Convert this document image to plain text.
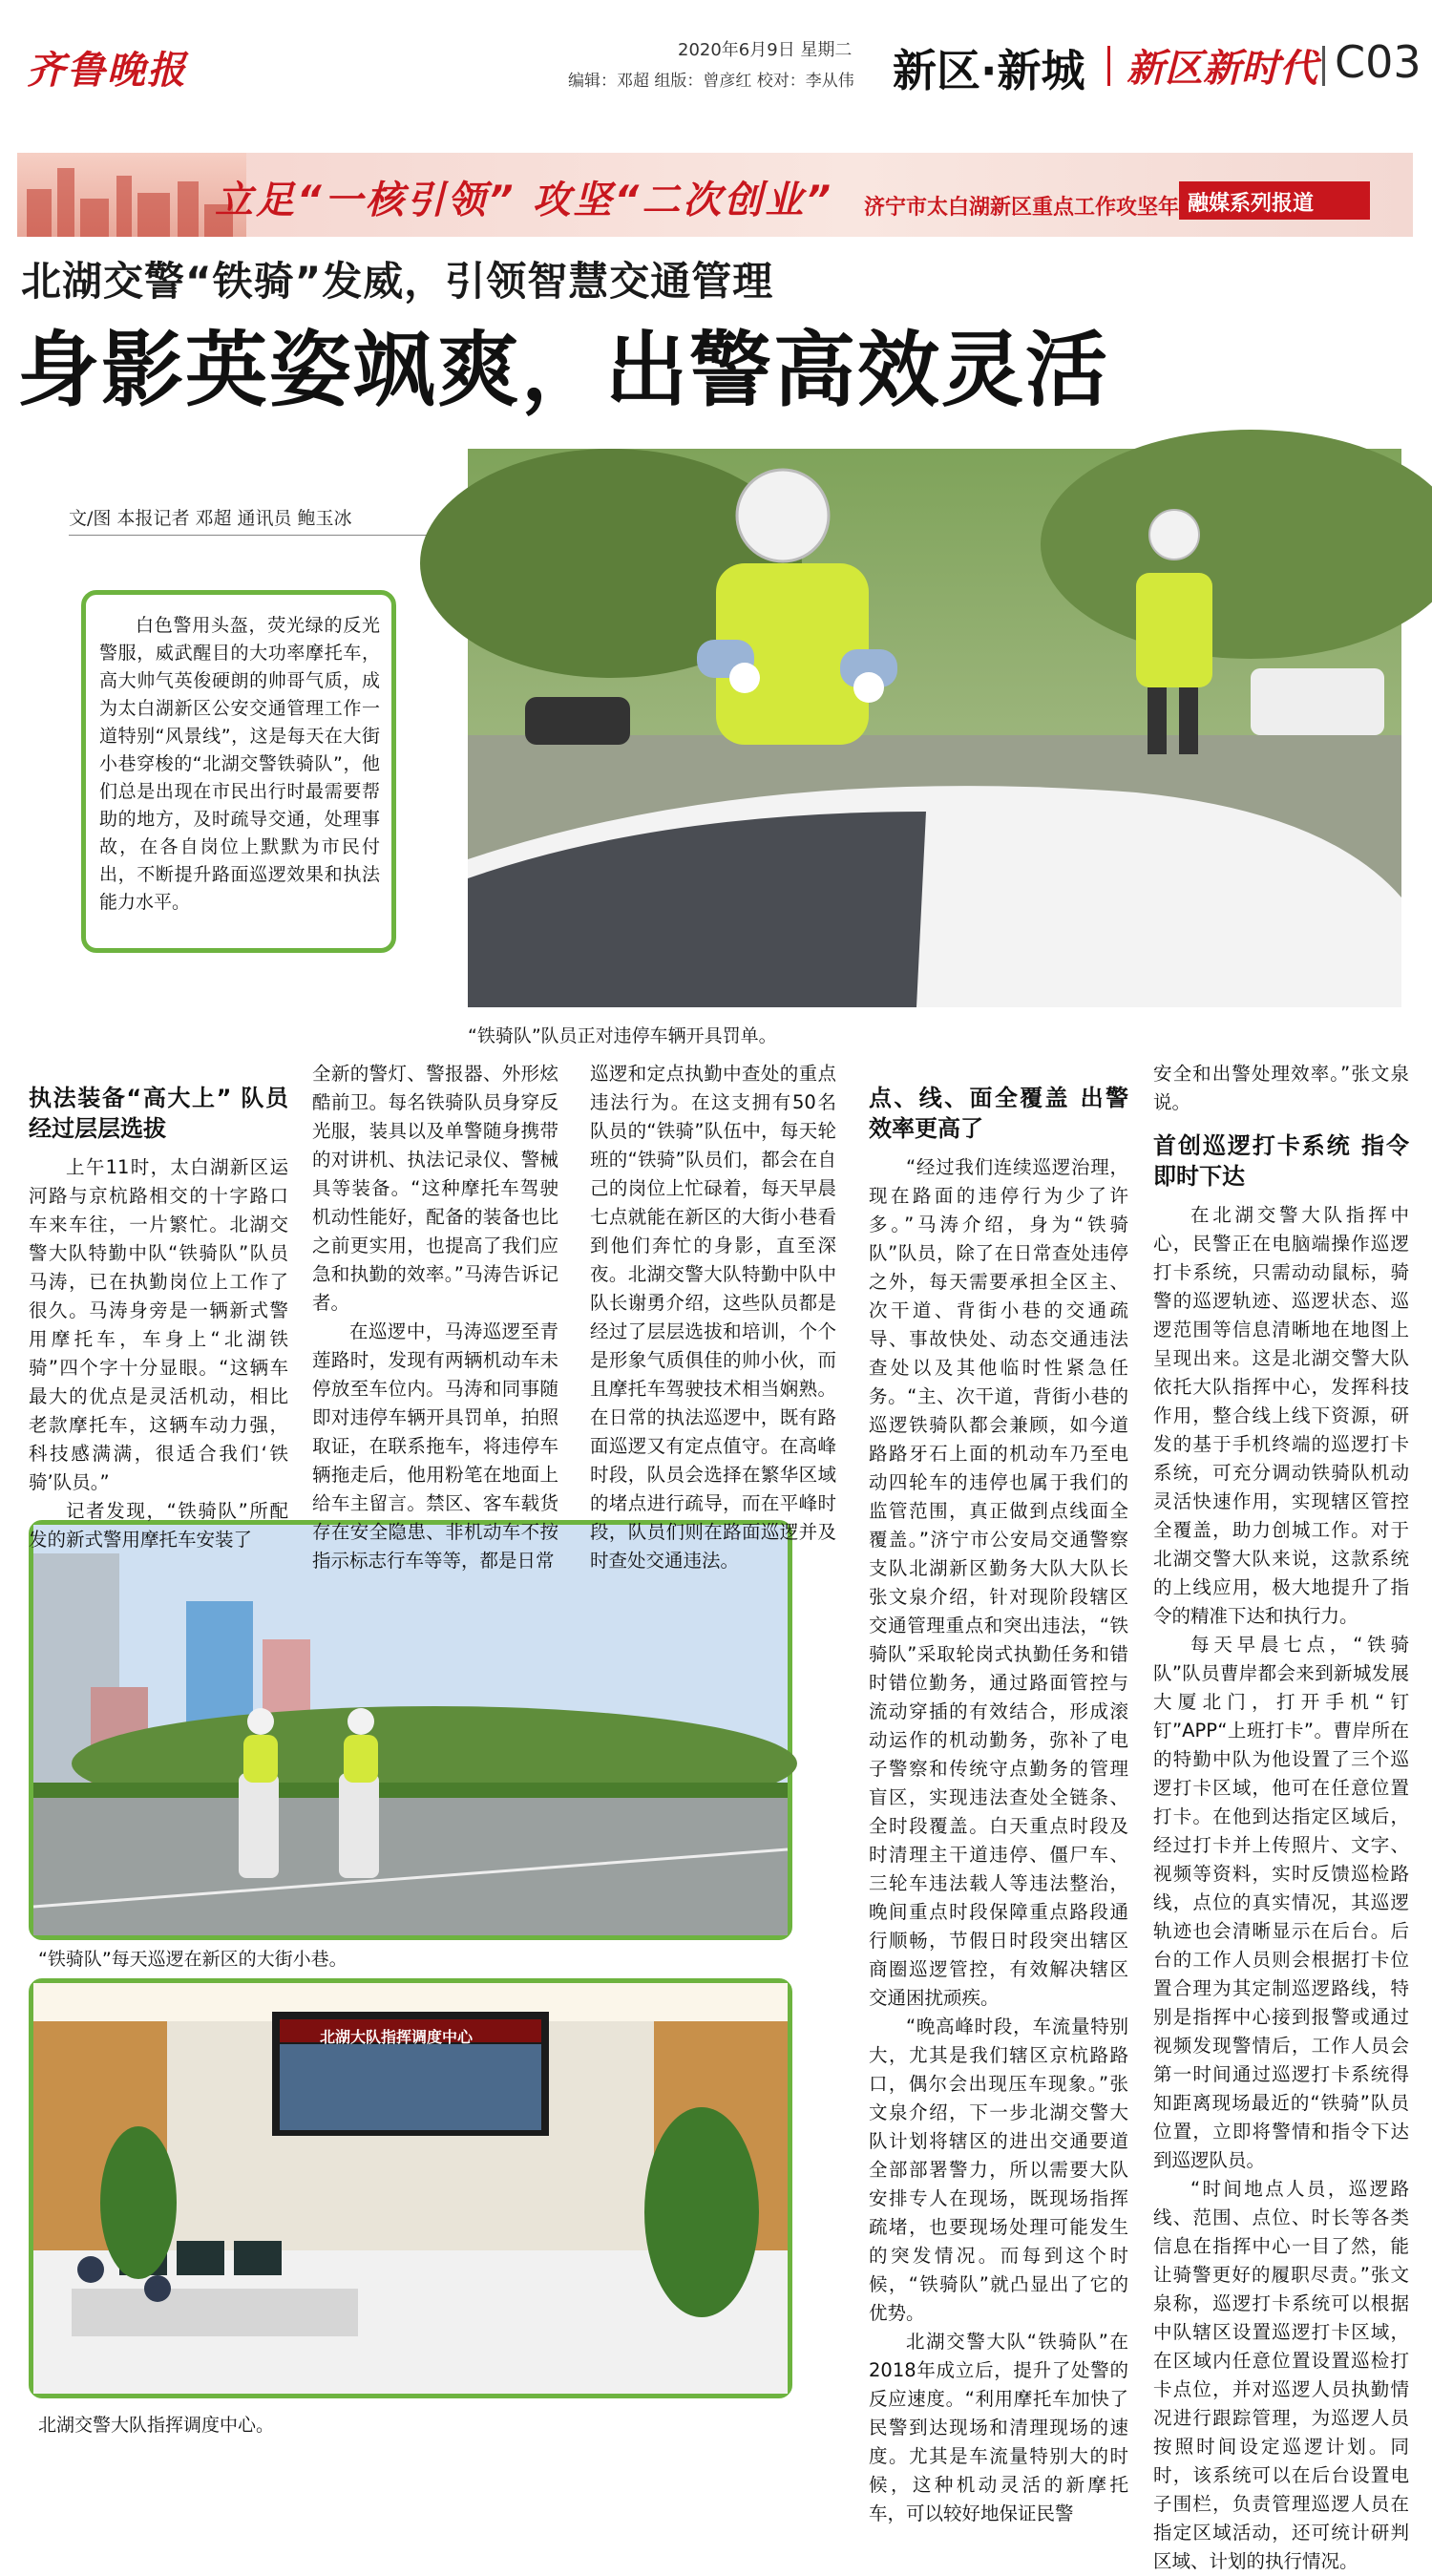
齐鲁晚报	2020年6月9日 星期二
编辑：邓超 组版：曾彦红 校对：李从伟 新区·新城 新区新时代 C03
立足“一核引领” 攻坚“二次创业” 济宁市太白湖新区重点工作攻坚年 融媒系列报道
北湖交警“铁骑”发威，引领智慧交通管理
身影英姿飒爽，出警高效灵活
文/图 本报记者 邓超 通讯员 鲍玉冰

白色警用头盔，荧光绿的反光警服，威武醒目的大功率摩托车，高大帅气英俊硬朗的帅哥气质，成为太白湖新区公安交通管理工作一道特别“风景线”，这是每天在大街小巷穿梭的“北湖交警铁骑队”，他们总是出现在市民出行时最需要帮助的地方，及时疏导交通，处理事故，在各自岗位上默默为市民付出，不断提升路面巡逻效果和执法能力水平。

“铁骑队”队员正对违停车辆开具罚单。
“铁骑队”每天巡逻在新区的大街小巷。
北湖大队指挥调度中心
北湖交警大队指挥调度中心。
执法装备“高大上” 队员经过层层选拔

上午11时，太白湖新区运河路与京杭路相交的十字路口车来车往，一片繁忙。北湖交警大队特勤中队“铁骑队”队员马涛，已在执勤岗位上工作了很久。马涛身旁是一辆新式警用摩托车，车身上“北湖铁骑”四个字十分显眼。“这辆车最大的优点是灵活机动，相比老款摩托车，这辆车动力强，科技感满满，很适合我们‘铁骑’队员。”

记者发现，“铁骑队”所配发的新式警用摩托车安装了

全新的警灯、警报器、外形炫酷前卫。每名铁骑队员身穿反光服，装具以及单警随身携带的对讲机、执法记录仪、警械具等装备。“这种摩托车驾驶机动性能好，配备的装备也比之前更实用，也提高了我们应急和执勤的效率。”马涛告诉记者。

在巡逻中，马涛巡逻至青莲路时，发现有两辆机动车未停放至车位内。马涛和同事随即对违停车辆开具罚单，拍照取证，在联系拖车，将违停车辆拖走后，他用粉笔在地面上给车主留言。禁区、客车载货存在安全隐患、非机动车不按指示标志行车等等，都是日常

巡逻和定点执勤中查处的重点违法行为。在这支拥有50名队员的“铁骑”队伍中，每天轮班的“铁骑”队员们，都会在自己的岗位上忙碌着，每天早晨七点就能在新区的大街小巷看到他们奔忙的身影，直至深夜。北湖交警大队特勤中队中队长谢勇介绍，这些队员都是经过了层层选拔和培训，个个是形象气质俱佳的帅小伙，而且摩托车驾驶技术相当娴熟。在日常的执法巡逻中，既有路面巡逻又有定点值守。在高峰时段，队员会选择在繁华区域的堵点进行疏导，而在平峰时段，队员们则在路面巡逻并及时查处交通违法。

点、线、面全覆盖 出警效率更高了

“经过我们连续巡逻治理，现在路面的违停行为少了许多。”马涛介绍，身为“铁骑队”队员，除了在日常查处违停之外，每天需要承担全区主、次干道、背街小巷的交通疏导、事故快处、动态交通违法查处以及其他临时性紧急任务。“主、次干道，背街小巷的巡逻铁骑队都会兼顾，如今道路路牙石上面的机动车乃至电动四轮车的违停也属于我们的监管范围，真正做到点线面全覆盖。”济宁市公安局交通警察支队北湖新区勤务大队大队长张文泉介绍，针对现阶段辖区交通管理重点和突出违法，“铁骑队”采取轮岗式执勤任务和错时错位勤务，通过路面管控与流动穿插的有效结合，形成滚动运作的机动勤务，弥补了电子警察和传统守点勤务的管理盲区，实现违法查处全链条、全时段覆盖。白天重点时段及时清理主干道违停、僵尸车、三轮车违法载人等违法整治，晚间重点时段保障重点路段通行顺畅，节假日时段突出辖区商圈巡逻管控，有效解决辖区交通困扰顽疾。

“晚高峰时段，车流量特别大，尤其是我们辖区京杭路路口，偶尔会出现压车现象。”张文泉介绍，下一步北湖交警大队计划将辖区的进出交通要道全部部署警力，所以需要大队安排专人在现场，既现场指挥疏堵，也要现场处理可能发生的突发情况。而每到这个时候，“铁骑队”就凸显出了它的优势。

北湖交警大队“铁骑队”在2018年成立后，提升了处警的反应速度。“利用摩托车加快了民警到达现场和清理现场的速度。尤其是车流量特别大的时候，这种机动灵活的新摩托车，可以较好地保证民警

安全和出警处理效率。”张文泉说。

首创巡逻打卡系统 指令即时下达

在北湖交警大队指挥中心，民警正在电脑端操作巡逻打卡系统，只需动动鼠标，骑警的巡逻轨迹、巡逻状态、巡逻范围等信息清晰地在地图上呈现出来。这是北湖交警大队依托大队指挥中心，发挥科技作用，整合线上线下资源，研发的基于手机终端的巡逻打卡系统，可充分调动铁骑队机动灵活快速作用，实现辖区管控全覆盖，助力创城工作。对于北湖交警大队来说，这款系统的上线应用，极大地提升了指令的精准下达和执行力。

每天早晨七点，“铁骑队”队员曹岸都会来到新城发展大厦北门，打开手机“钉钉”APP“上班打卡”。曹岸所在的特勤中队为他设置了三个巡逻打卡区域，他可在任意位置打卡。在他到达指定区域后，经过打卡并上传照片、文字、视频等资料，实时反馈巡检路线，点位的真实情况，其巡逻轨迹也会清晰显示在后台。后台的工作人员则会根据打卡位置合理为其定制巡逻路线，特别是指挥中心接到报警或通过视频发现警情后，工作人员会第一时间通过巡逻打卡系统得知距离现场最近的“铁骑”队员位置，立即将警情和指令下达到巡逻队员。

“时间地点人员，巡逻路线、范围、点位、时长等各类信息在指挥中心一目了然，能让骑警更好的履职尽责。”张文泉称，巡逻打卡系统可以根据中队辖区设置巡逻打卡区域，在区域内任意位置设置巡检打卡点位，并对巡逻人员执勤情况进行跟踪管理，为巡逻人员按照时间设定巡逻计划。同时，该系统可以在后台设置电子围栏，负责管理巡逻人员在指定区域活动，还可统计研判区域、计划的执行情况。
